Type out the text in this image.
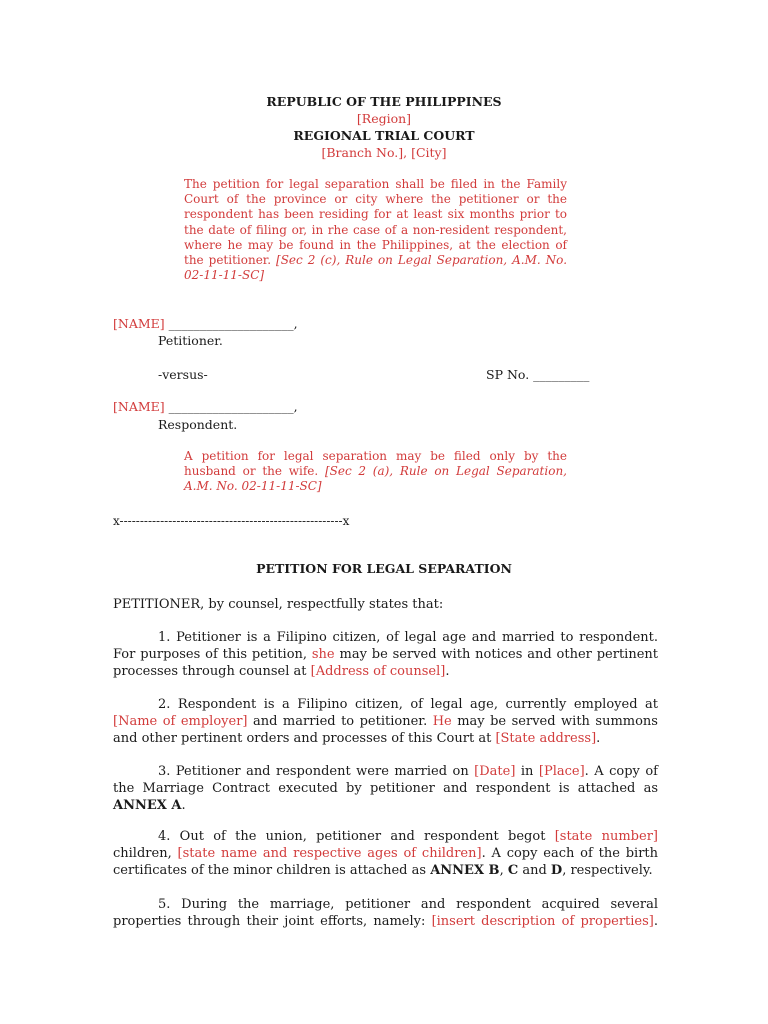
REPUBLIC OF THE PHILIPPINES
[Region]
REGIONAL TRIAL COURT
[Branch No.], [City]
The petition for legal separation shall be filed in the Family Court of the province or city where the petitioner or the respondent has been residing for at least six months prior to the date of filing or, in rhe case of a non-resident respondent, where he may be found in the Philippines, at the election of the petitioner. [Sec 2 (c), Rule on Legal Separation, A.M. No. 02-11-11-SC]
[NAME] ____________________,
Petitioner.
-versus-	SP No. _________
[NAME] ____________________,
Respondent.
A petition for legal separation may be filed only by the husband or the wife. [Sec 2 (a), Rule on Legal Separation, A.M. No. 02-11-11-SC]
x-------------------------------------------------------x
PETITION FOR LEGAL SEPARATION
PETITIONER, by counsel, respectfully states that:
1. Petitioner is a Filipino citizen, of legal age and married to respondent. For purposes of this petition, she may be served with notices and other pertinent processes through counsel at [Address of counsel].
2. Respondent is a Filipino citizen, of legal age, currently employed at [Name of employer] and married to petitioner. He may be served with summons and other pertinent orders and processes of this Court at [State address].
3. Petitioner and respondent were married on [Date] in [Place]. A copy of the Marriage Contract executed by petitioner and respondent is attached as ANNEX A.
4. Out of the union, petitioner and respondent begot [state number] children, [state name and respective ages of children]. A copy each of the birth certificates of the minor children is attached as ANNEX B, C and D, respectively.
5. During the marriage, petitioner and respondent acquired several properties through their joint efforts, namely: [insert description of properties].
